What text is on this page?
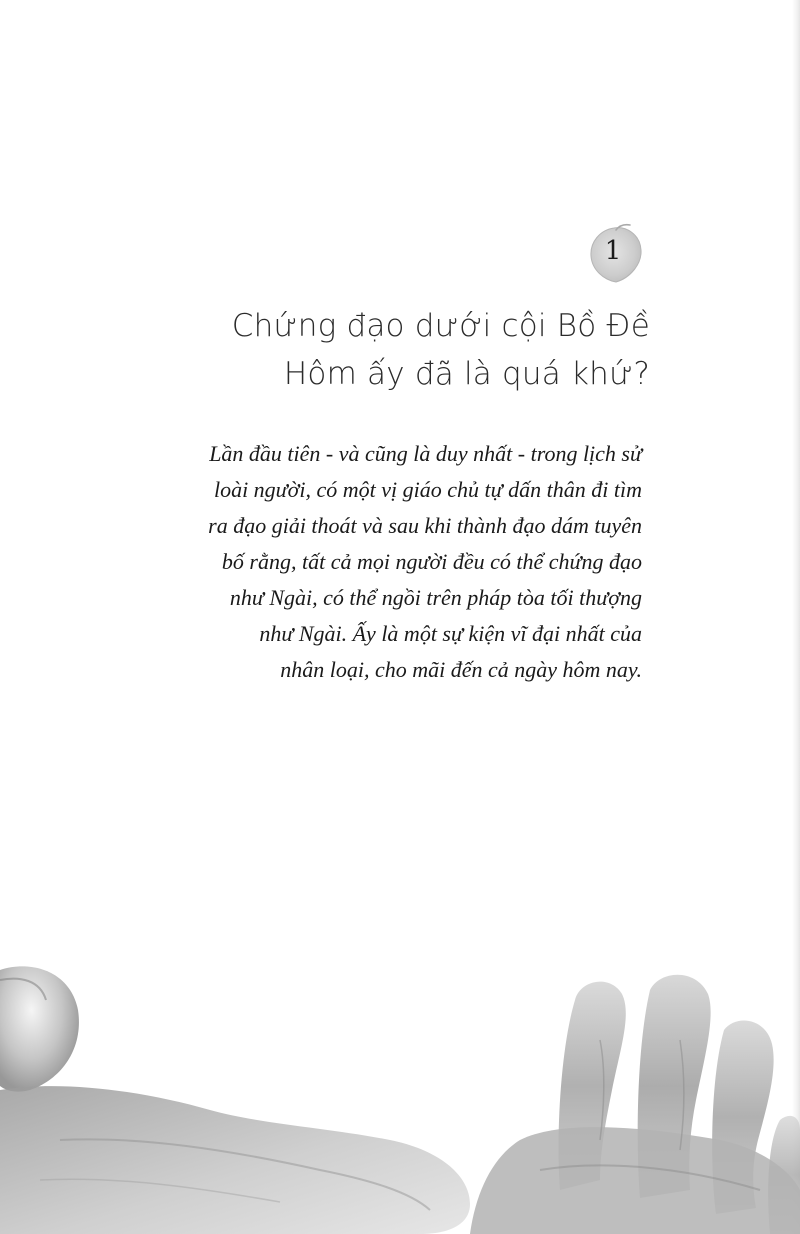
1
Chứng đạo dưới cội Bồ Đề
Hôm ấy đã là quá khứ?
Lần đầu tiên - và cũng là duy nhất - trong lịch sử
loài người, có một vị giáo chủ tự dấn thân đi tìm
ra đạo giải thoát và sau khi thành đạo dám tuyên
bố rằng, tất cả mọi người đều có thể chứng đạo
như Ngài, có thể ngồi trên pháp tòa tối thượng
như Ngài. Ấy là một sự kiện vĩ đại nhất của
nhân loại, cho mãi đến cả ngày hôm nay.
